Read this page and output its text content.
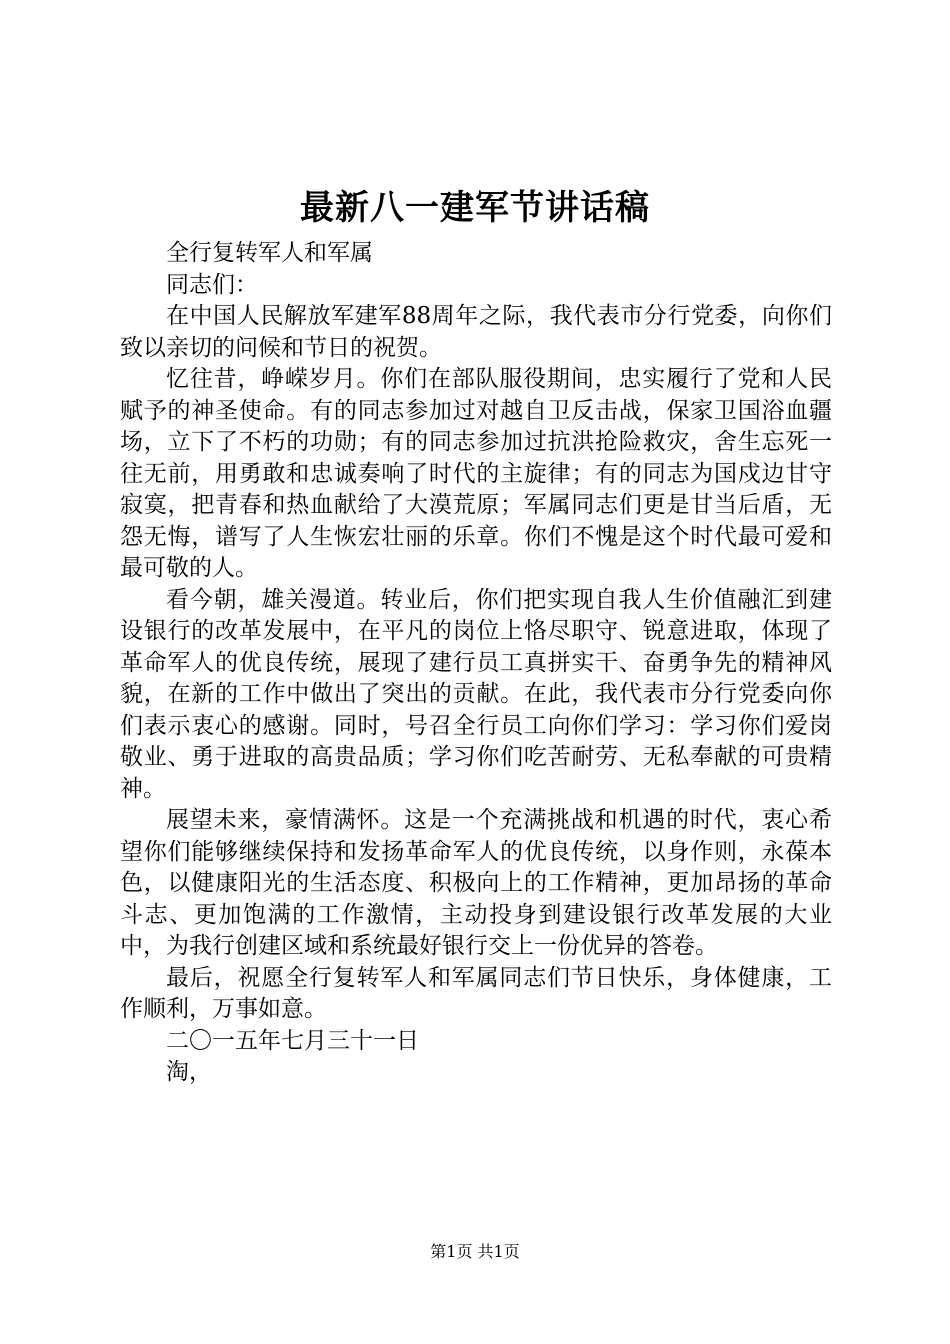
最新八一建军节讲话稿

全行复转军人和军属

同志们：

在中国人民解放军建军88周年之际，我代表市分行党委，向你们致以亲切的问候和节日的祝贺。

忆往昔，峥嵘岁月。你们在部队服役期间，忠实履行了党和人民赋予的神圣使命。有的同志参加过对越自卫反击战，保家卫国浴血疆场，立下了不朽的功勋；有的同志参加过抗洪抢险救灾，舍生忘死一往无前，用勇敢和忠诚奏响了时代的主旋律；有的同志为国戍边甘守寂寞，把青春和热血献给了大漠荒原；军属同志们更是甘当后盾，无怨无悔，谱写了人生恢宏壮丽的乐章。你们不愧是这个时代最可爱和最可敬的人。

看今朝，雄关漫道。转业后，你们把实现自我人生价值融汇到建设银行的改革发展中，在平凡的岗位上恪尽职守、锐意进取，体现了革命军人的优良传统，展现了建行员工真拼实干、奋勇争先的精神风貌，在新的工作中做出了突出的贡献。在此，我代表市分行党委向你们表示衷心的感谢。同时，号召全行员工向你们学习：学习你们爱岗敬业、勇于进取的高贵品质；学习你们吃苦耐劳、无私奉献的可贵精神。

展望未来，豪情满怀。这是一个充满挑战和机遇的时代，衷心希望你们能够继续保持和发扬革命军人的优良传统，以身作则，永葆本色，以健康阳光的生活态度、积极向上的工作精神，更加昂扬的革命斗志、更加饱满的工作激情，主动投身到建设银行改革发展的大业中，为我行创建区域和系统最好银行交上一份优异的答卷。

最后，祝愿全行复转军人和军属同志们节日快乐，身体健康，工作顺利，万事如意。

二〇一五年七月三十一日

淘，

第1页 共1页
